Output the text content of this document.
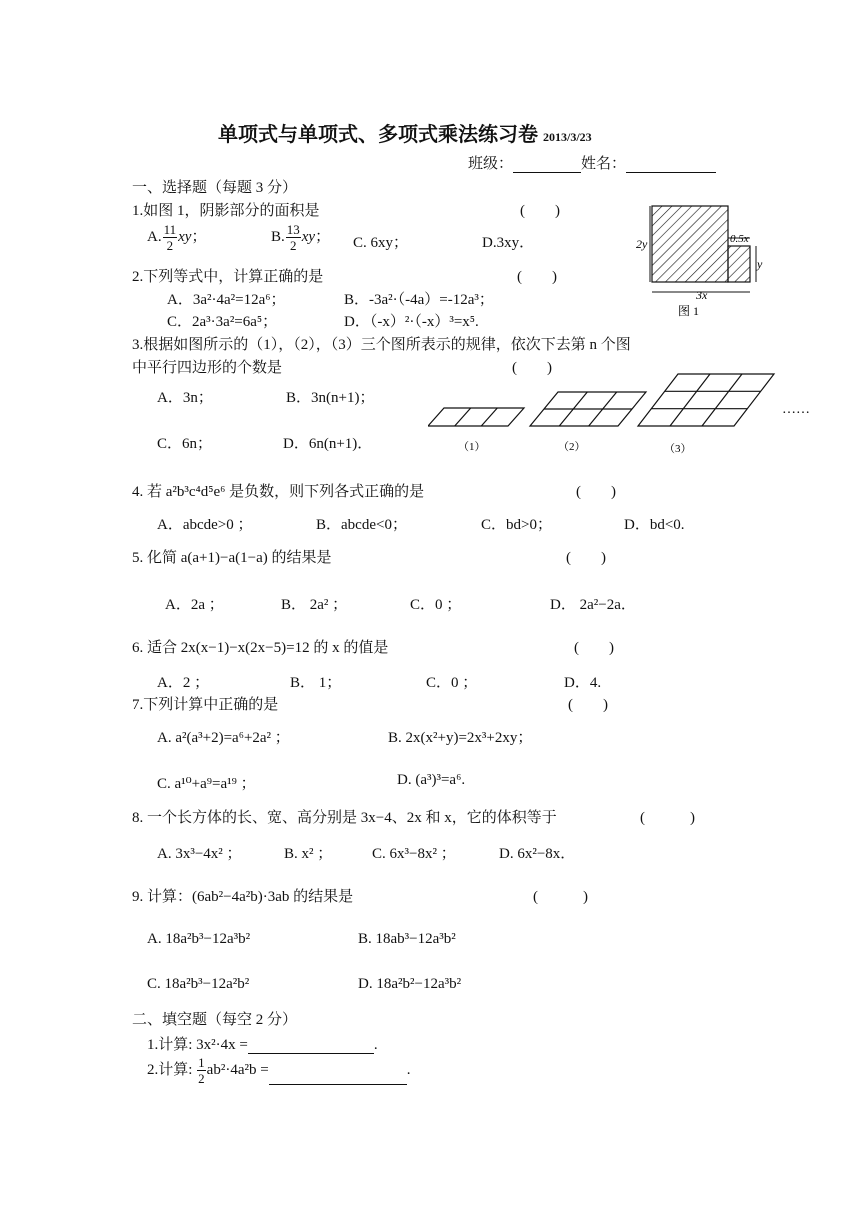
单项式与单项式、多项式乘法练习卷 2013/3/23
班级：	姓名：
一、选择题（每题 3 分）
1.如图 1，阴影部分的面积是	(　　)
A. $\frac{11}{2}$ xy；	B. $\frac{13}{2}$ xy； C. 6xy；	D.3xy．	2y	0.5x
y
3x
图 1
2.下列等式中，计算正确的是	(　　)
A．3a²·4a²=12a⁶；	B．-3a²·（-4a）=-12a³；
C．2a³·3a²=6a⁵；	D．（-x）²·（-x）³=x⁵.
3.根据如图所示的（1），（2），（3）三个图所表示的规律，依次下去第 n 个图
中平行四边形的个数是	(　　)
A．3n；	B．3n(n+1)；
C．6n；	D．6n(n+1)．	（1）	（2）	（3）
……
4. 若 a²b³c⁴d⁵e⁶ 是负数，则下列各式正确的是	(　　)
A．abcde>0 ；	B．abcde<0；	C．bd>0；	D．bd<0.
5. 化简 a(a+1)−a(1−a) 的结果是	(　　)
A．2a ；	B． 2a² ；	C．0 ；	D． 2a²−2a．
6. 适合 2x(x−1)−x(2x−5)=12 的 x 的值是	(　　)
A．2 ；	B． 1；	C．0 ；	D．4.
7.下列计算中正确的是	(　　)
A. a²(a³+2)=a⁶+2a² ；	B. 2x(x²+y)=2x³+2xy；
C. a¹⁰+a⁹=a¹⁹ ；	D. (a³)³=a⁶.
8. 一个长方体的长、宽、高分别是 3x−4、2x 和 x，它的体积等于	(　　　)
A. 3x³−4x² ；	B. x² ；	C. 6x³−8x² ；	D. 6x²−8x．
9. 计算：(6ab²−4a²b)·3ab 的结果是	(　　　)
A. 18a²b³−12a³b²	B. 18ab³−12a³b²
C. 18a²b³−12a²b²	D. 18a²b²−12a³b²
二、填空题（每空 2 分）
1.计算: 3x²·4x =	.
2.计算: $\frac{1}{2} ab^2\cdot 4a^2b$ =	.
